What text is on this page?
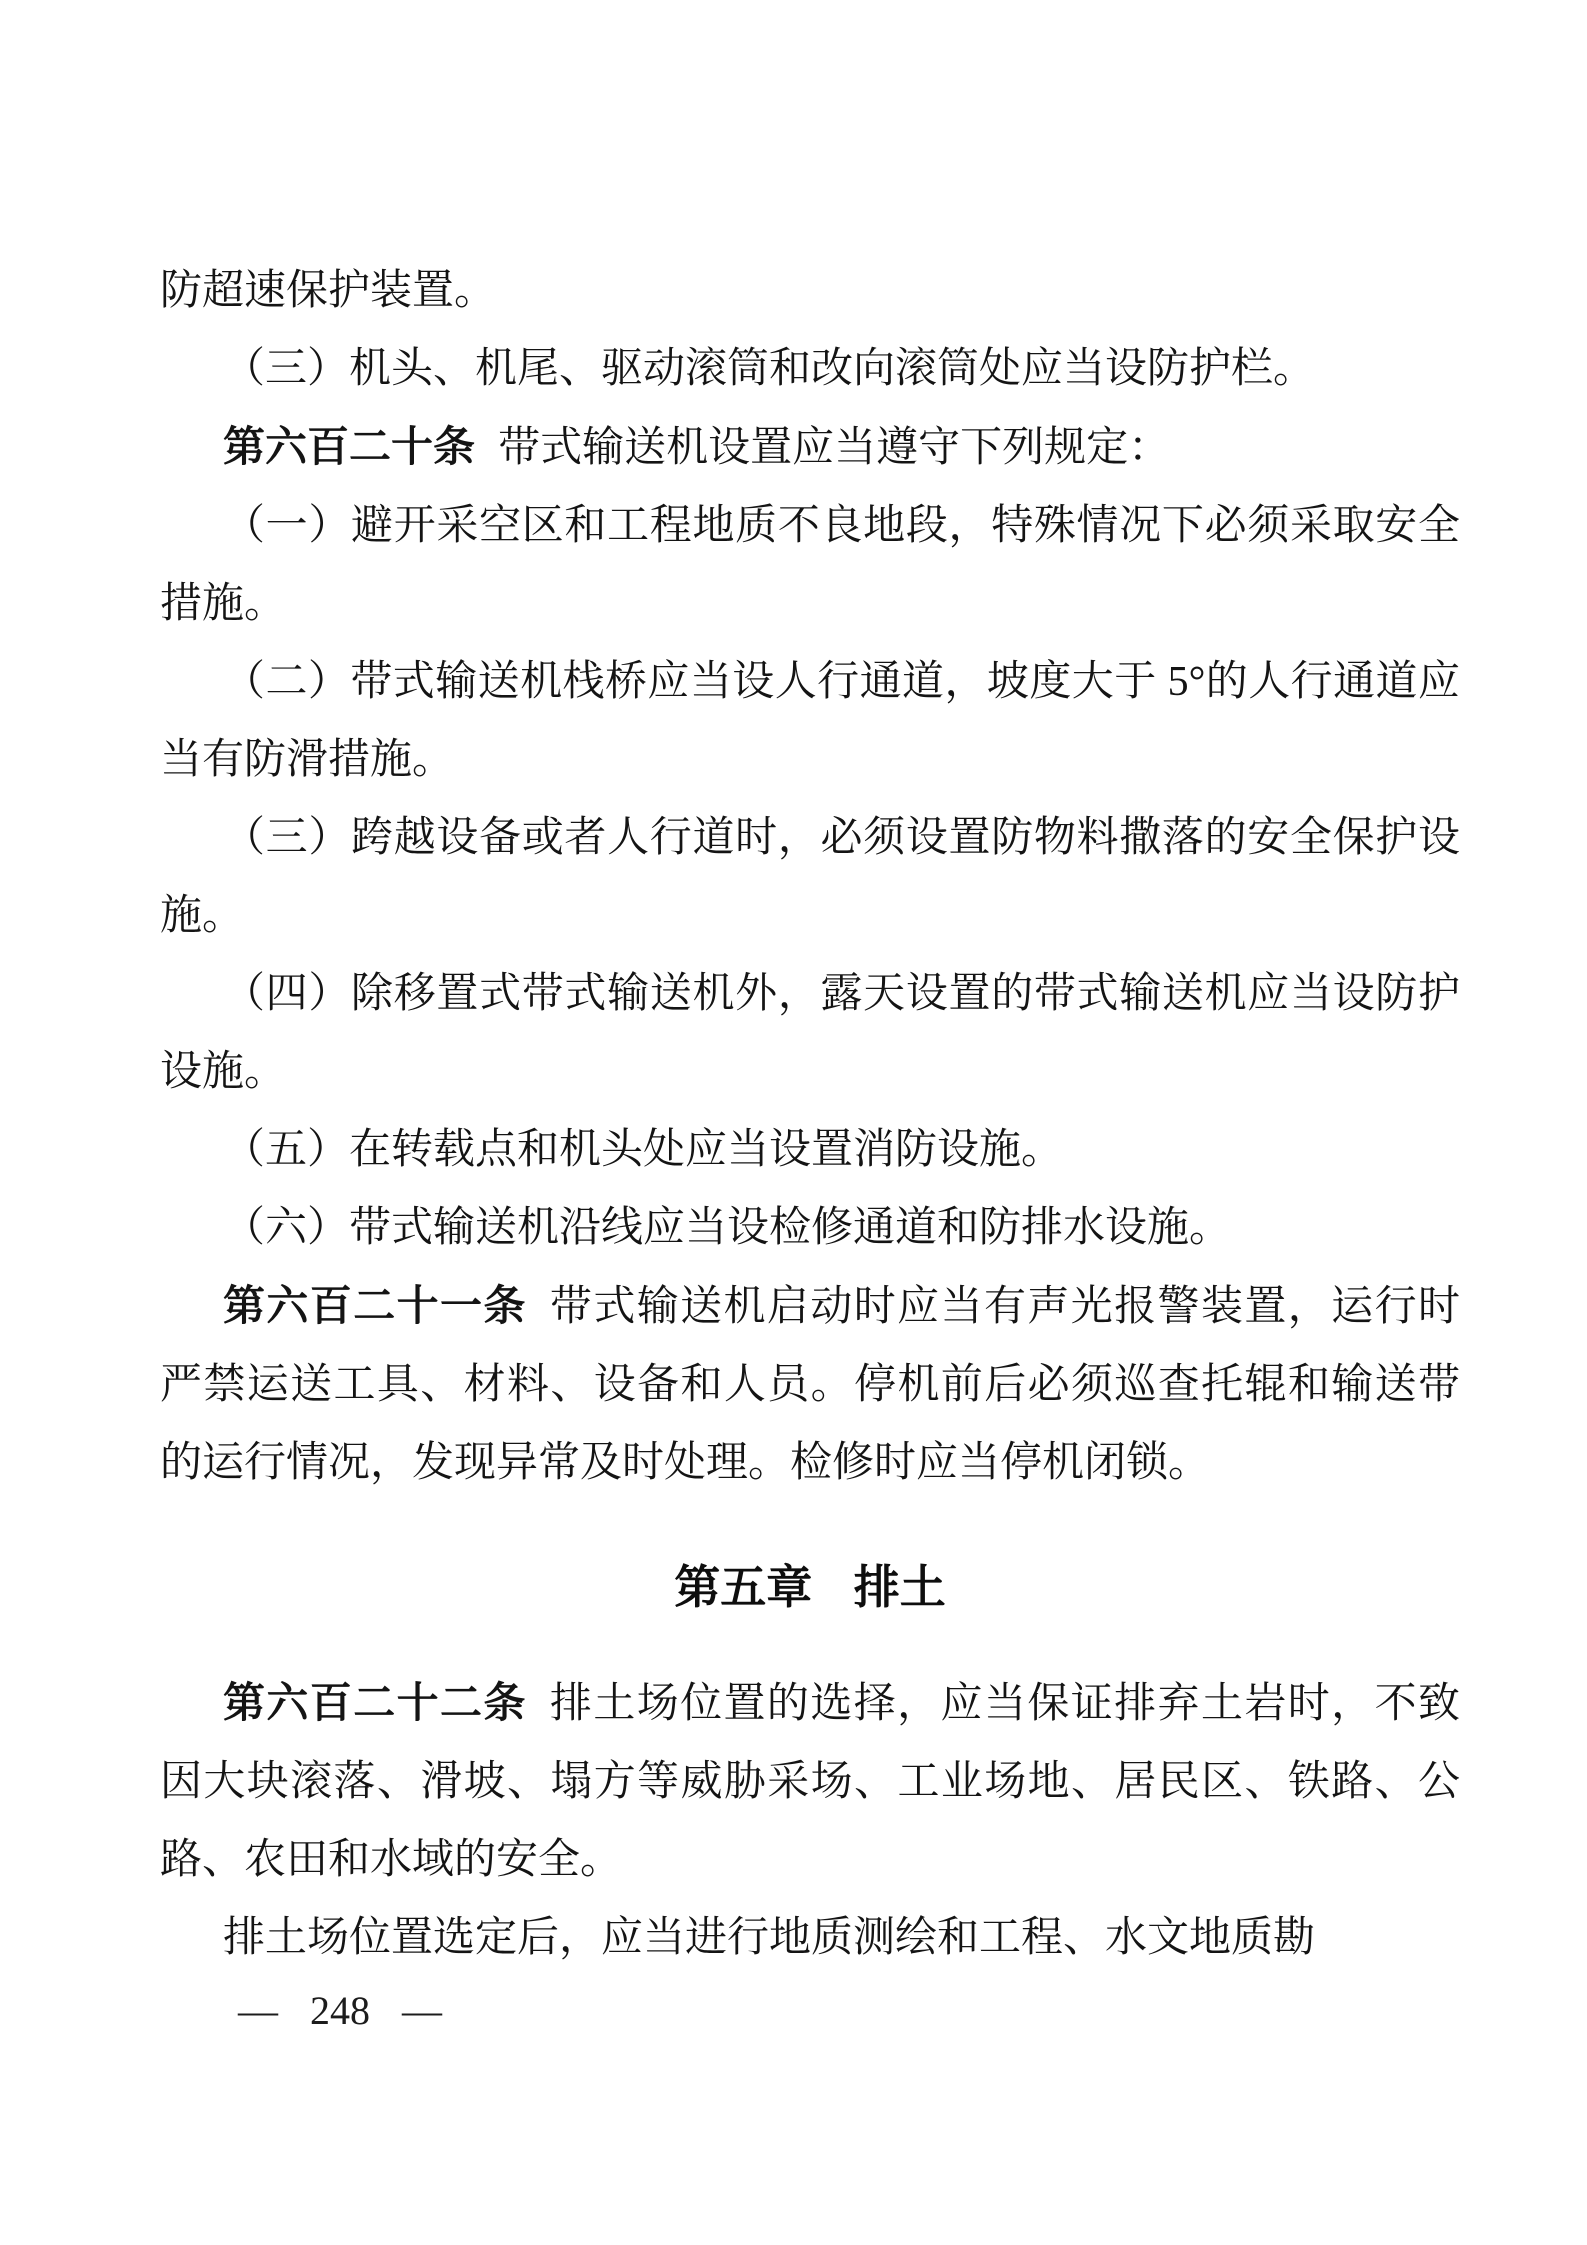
防超速保护装置。

（三）机头、机尾、驱动滚筒和改向滚筒处应当设防护栏。

第六百二十条 带式输送机设置应当遵守下列规定：

（一）避开采空区和工程地质不良地段，特殊情况下必须采取安全措施。

（二）带式输送机栈桥应当设人行通道，坡度大于 5°的人行通道应当有防滑措施。

（三）跨越设备或者人行道时，必须设置防物料撒落的安全保护设施。

（四）除移置式带式输送机外，露天设置的带式输送机应当设防护设施。

（五）在转载点和机头处应当设置消防设施。

（六）带式输送机沿线应当设检修通道和防排水设施。

第六百二十一条 带式输送机启动时应当有声光报警装置，运行时严禁运送工具、材料、设备和人员。停机前后必须巡查托辊和输送带的运行情况，发现异常及时处理。检修时应当停机闭锁。

第五章 排土

第六百二十二条 排土场位置的选择，应当保证排弃土岩时，不致因大块滚落、滑坡、塌方等威胁采场、工业场地、居民区、铁路、公路、农田和水域的安全。

排土场位置选定后，应当进行地质测绘和工程、水文地质勘

— 248 —
